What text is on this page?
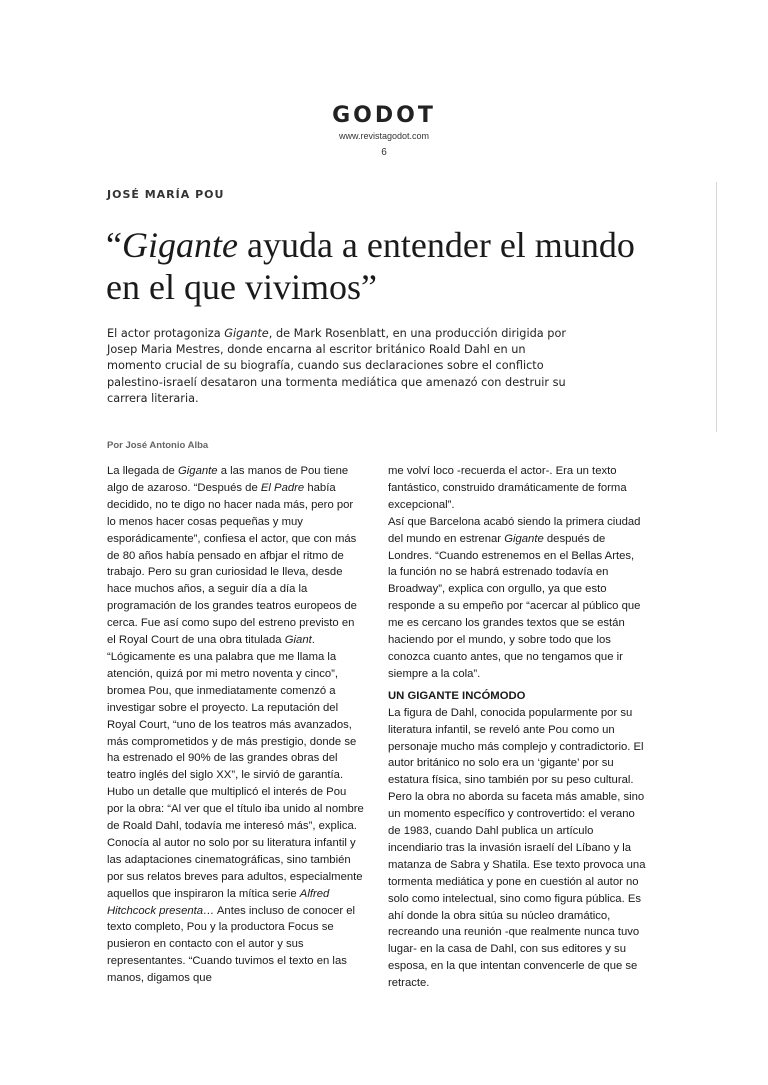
GODOT
www.revistagodot.com
6
JOSÉ MARÍA POU
“Gigante ayuda a entender el mundo en el que vivimos”
El actor protagoniza Gigante, de Mark Rosenblatt, en una producción dirigida por Josep Maria Mestres, donde encarna al escritor británico Roald Dahl en un momento crucial de su biografía, cuando sus declaraciones sobre el conflicto palestino-israelí desataron una tormenta mediática que amenazó con destruir su carrera literaria.
Por José Antonio Alba

La llegada de Gigante a las manos de Pou tiene algo de azaroso. “Después de El Padre había decidido, no te digo no hacer nada más, pero por lo menos hacer cosas pequeñas y muy esporádicamente”, confiesa el actor, que con más de 80 años había pensado en afbjar el ritmo de trabajo. Pero su gran curiosidad le lleva, desde hace muchos años, a seguir día a día la programación de los grandes teatros europeos de cerca. Fue así como supo del estreno previsto en el Royal Court de una obra titulada Giant. “Lógicamente es una palabra que me llama la atención, quizá por mi metro noventa y cinco”, bromea Pou, que inmediatamente comenzó a investigar sobre el proyecto. La reputación del Royal Court, “uno de los teatros más avanzados, más comprometidos y de más prestigio, donde se ha estrenado el 90% de las grandes obras del teatro inglés del siglo XX”, le sirvió de garantía.

Hubo un detalle que multiplicó el interés de Pou por la obra: “Al ver que el título iba unido al nombre de Roald Dahl, todavía me interesó más”, explica. Conocía al autor no solo por su literatura infantil y las adaptaciones cinematográficas, sino también por sus relatos breves para adultos, especialmente aquellos que inspiraron la mítica serie Alfred Hitchcock presenta… Antes incluso de conocer el texto completo, Pou y la productora Focus se pusieron en contacto con el autor y sus representantes. “Cuando tuvimos el texto en las manos, digamos que

me volví loco -recuerda el actor-. Era un texto fantástico, construido dramáticamente de forma excepcional”.

Así que Barcelona acabó siendo la primera ciudad del mundo en estrenar Gigante después de Londres. “Cuando estrenemos en el Bellas Artes, la función no se habrá estrenado todavía en Broadway”, explica con orgullo, ya que esto responde a su empeño por “acercar al público que me es cercano los grandes textos que se están haciendo por el mundo, y sobre todo que los conozca cuanto antes, que no tengamos que ir siempre a la cola”.

UN GIGANTE INCÓMODO

La figura de Dahl, conocida popularmente por su literatura infantil, se reveló ante Pou como un personaje mucho más complejo y contradictorio. El autor británico no solo era un ‘gigante’ por su estatura física, sino también por su peso cultural. Pero la obra no aborda su faceta más amable, sino un momento específico y controvertido: el verano de 1983, cuando Dahl publica un artículo incendiario tras la invasión israelí del Líbano y la matanza de Sabra y Shatila. Ese texto provoca una tormenta mediática y pone en cuestión al autor no solo como intelectual, sino como figura pública. Es ahí donde la obra sitúa su núcleo dramático, recreando una reunión -que realmente nunca tuvo lugar- en la casa de Dahl, con sus editores y su esposa, en la que intentan convencerle de que se retracte.
